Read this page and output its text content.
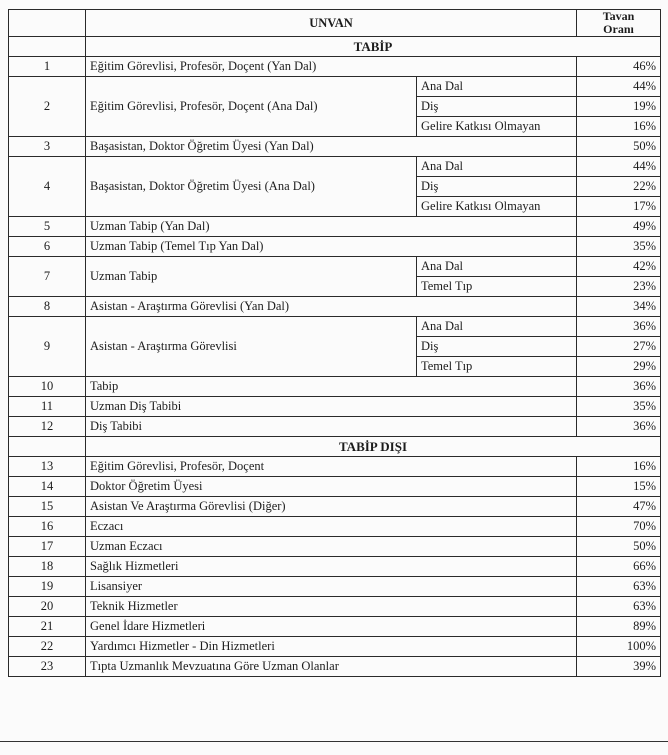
	UNVAN		Tavan
Oranı
	TABİP		
1	Eğitim Görevlisi, Profesör, Doçent (Yan Dal)		46%
2	Eğitim Görevlisi, Profesör, Doçent (Ana Dal)	Ana Dal	44%
		Diş	19%
		Gelire Katkısı Olmayan	16%
3	Başasistan, Doktor Öğretim Üyesi (Yan Dal)		50%
4	Başasistan, Doktor Öğretim Üyesi (Ana Dal)	Ana Dal	44%
		Diş	22%
		Gelire Katkısı Olmayan	17%
5	Uzman Tabip (Yan Dal)		49%
6	Uzman Tabip (Temel Tıp Yan Dal)		35%
7	Uzman Tabip	Ana Dal	42%
		Temel Tıp	23%
8	Asistan - Araştırma Görevlisi (Yan Dal)		34%
9	Asistan - Araştırma Görevlisi	Ana Dal	36%
		Diş	27%
		Temel Tıp	29%
10	Tabip		36%
11	Uzman Diş Tabibi		35%
12	Diş Tabibi		36%
	TABİP DIŞI		
13	Eğitim Görevlisi, Profesör, Doçent		16%
14	Doktor Öğretim Üyesi		15%
15	Asistan Ve Araştırma Görevlisi (Diğer)		47%
16	Eczacı		70%
17	Uzman Eczacı		50%
18	Sağlık Hizmetleri		66%
19	Lisansiyer		63%
20	Teknik Hizmetler		63%
21	Genel İdare Hizmetleri		89%
22	Yardımcı Hizmetler - Din Hizmetleri		100%
23	Tıpta Uzmanlık Mevzuatına Göre Uzman Olanlar		39%
